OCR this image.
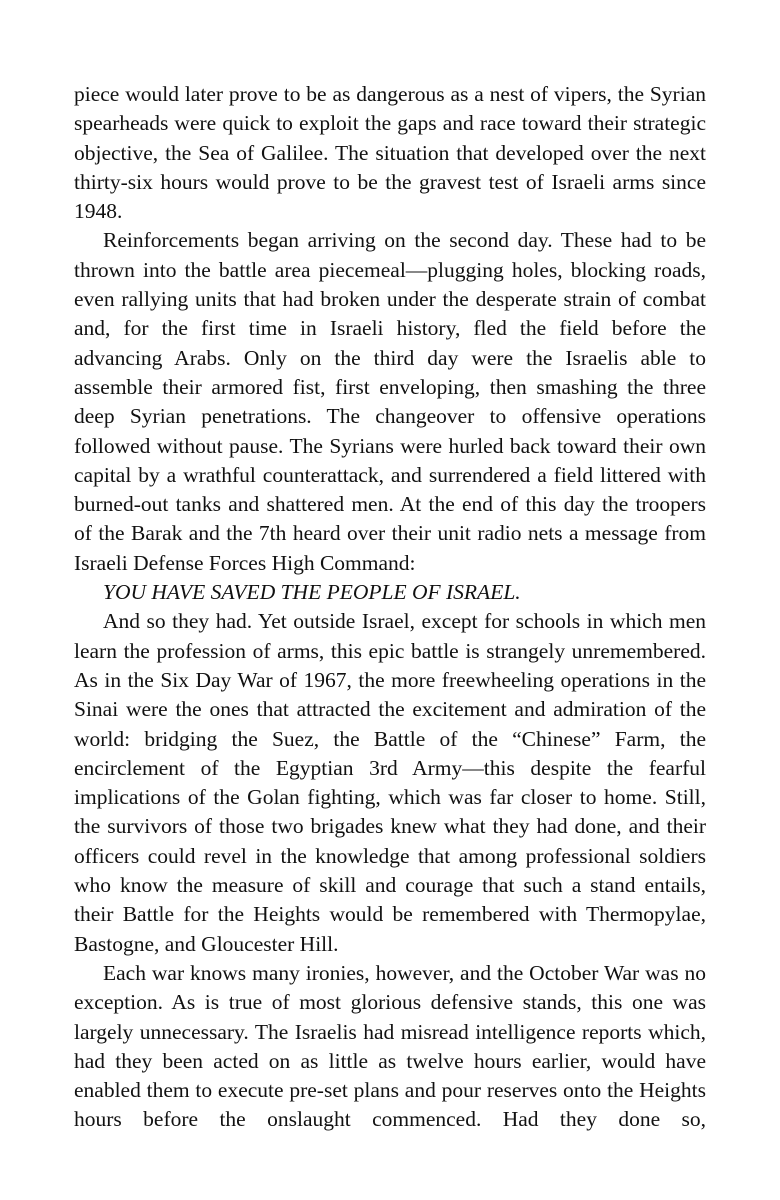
piece would later prove to be as dangerous as a nest of vipers, the Syrian spearheads were quick to exploit the gaps and race toward their strategic objective, the Sea of Galilee. The situation that developed over the next thirty-six hours would prove to be the gravest test of Israeli arms since 1948.

Reinforcements began arriving on the second day. These had to be thrown into the battle area piecemeal—plugging holes, blocking roads, even rallying units that had broken under the desperate strain of combat and, for the first time in Israeli history, fled the field before the advancing Arabs. Only on the third day were the Israelis able to assemble their armored fist, first enveloping, then smashing the three deep Syrian penetrations. The changeover to offensive operations followed without pause. The Syrians were hurled back toward their own capital by a wrathful counterattack, and surrendered a field littered with burned-out tanks and shattered men. At the end of this day the troopers of the Barak and the 7th heard over their unit radio nets a message from Israeli Defense Forces High Command:

YOU HAVE SAVED THE PEOPLE OF ISRAEL.

And so they had. Yet outside Israel, except for schools in which men learn the profession of arms, this epic battle is strangely unremembered. As in the Six Day War of 1967, the more freewheeling operations in the Sinai were the ones that attracted the excitement and admiration of the world: bridging the Suez, the Battle of the “Chinese” Farm, the encirclement of the Egyptian 3rd Army—this despite the fearful implications of the Golan fighting, which was far closer to home. Still, the survivors of those two brigades knew what they had done, and their officers could revel in the knowledge that among professional soldiers who know the measure of skill and courage that such a stand entails, their Battle for the Heights would be remembered with Thermopylae, Bastogne, and Gloucester Hill.

Each war knows many ironies, however, and the October War was no exception. As is true of most glorious defensive stands, this one was largely unnecessary. The Israelis had misread intelligence reports which, had they been acted on as little as twelve hours earlier, would have enabled them to execute pre-set plans and pour reserves onto the Heights hours before the onslaught commenced. Had they done so,
